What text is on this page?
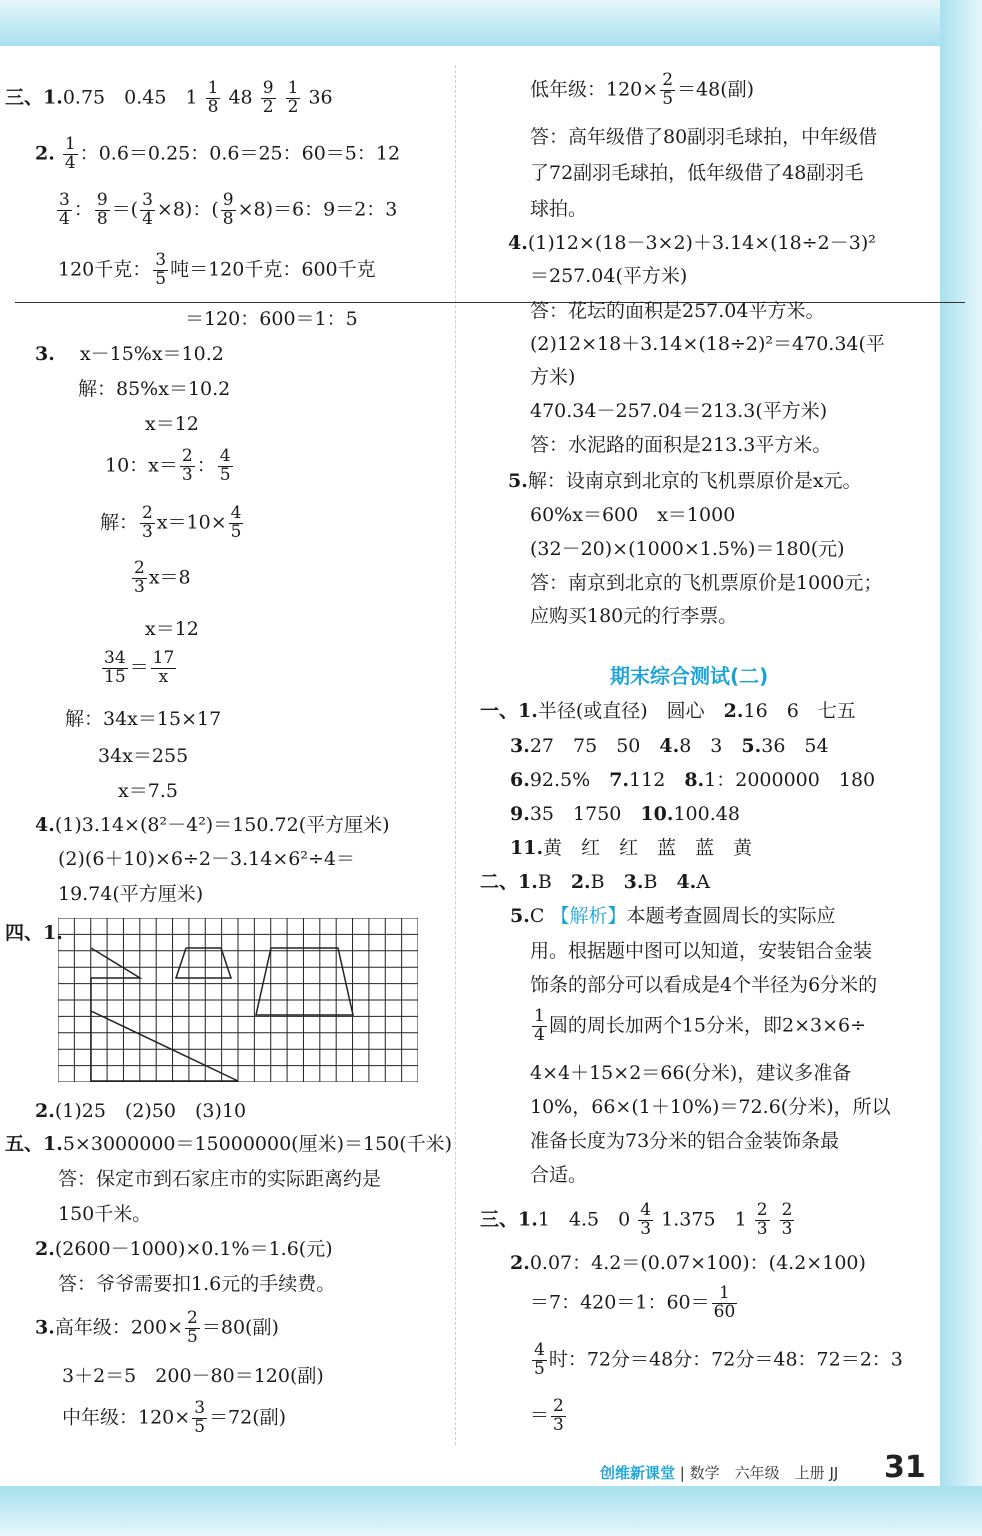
三、1.0.75　0.45　$1 \frac{1}{8} 48 \frac{9}{2}$
$\frac{1}{2} 36$
2. $\frac{1}{4}$ ：0.6＝0.25：0.6＝25：60＝5：12
$\frac{3}{4}$ ： $\frac{9}{8}$ ＝( $\frac{3}{4} \times 8$)：( $\frac{9}{8} \times 8)=6$：9＝2：3
120千克： $\frac{3}{5}$ 吨＝120千克：600千克
＝120：600＝1：5
3.　 x－15%x＝10.2
解：85%x＝10.2
x＝12
10：$x= \frac{2}{3}$ ： $\frac{4}{5}$
解： $\frac{2}{3} x=10\times \frac{4}{5}$
$\frac{2}{3} x=8$
x＝12
$\frac{34}{15} = \frac{17}{x}$
解：34x＝15×17
34x＝255
x＝7.5
4.(1)3.14×(8²－4²)＝150.72(平方厘米)
(2)(6＋10)×6÷2－3.14×6²÷4＝
19.74(平方厘米)
四、1.
2.(1)25　(2)50　(3)10
五、1.5×3000000＝15000000(厘米)＝150(千米)
答：保定市到石家庄市的实际距离约是
150千米。
2.(2600－1000)×0.1%＝1.6(元)
答：爷爷需要扣1.6元的手续费。
3.高年级：$200\times \frac{2}{5} =80$(副)
3＋2＝5　200－80＝120(副)
中年级：$120\times \frac{3}{5} =72$(副)
低年级：$120\times \frac{2}{5} =48$(副)
答：高年级借了80副羽毛球拍，中年级借
了72副羽毛球拍，低年级借了48副羽毛
球拍。
4.(1)12×(18－3×2)＋3.14×(18÷2－3)²
＝257.04(平方米)
答：花坛的面积是257.04平方米。
(2)12×18＋3.14×(18÷2)²＝470.34(平
方米)
470.34－257.04＝213.3(平方米)
答：水泥路的面积是213.3平方米。
5.解：设南京到北京的飞机票原价是x元。
60%x＝600　x＝1000
(32－20)×(1000×1.5%)＝180(元)
答：南京到北京的飞机票原价是1000元；
应购买180元的行李票。
一、1.半径(或直径)　圆心　2.16　6　七五
3.27　75　50　4.8　3　5.36　54
6.92.5%　7.112　8.1：2000000　180
9.35　1750　10.100.48
11.黄　红　红　蓝　蓝　黄
二、1.B　2.B　3.B　4.A
5.C 【解析】本题考查圆周长的实际应
用。根据题中图可以知道，安装铝合金装
饰条的部分可以看成是4个半径为6分米的
$\frac{1}{4}$ 圆的周长加两个15分米，即2×3×6÷
4×4＋15×2＝66(分米)，建议多准备
10%，66×(1＋10%)＝72.6(分米)，所以
准备长度为73分米的铝合金装饰条最
合适。
三、1.1　4.5　$0 \frac{4}{3} 1.375$　$1 \frac{2}{3}$
$\frac{2}{3}$
2.0.07：4.2＝(0.07×100)：(4.2×100)
＝7：420＝1：$60= \frac{1}{60}$
$\frac{4}{5}$ 时：72分＝48分：72分＝48：72＝2：3
＝ $\frac{2}{3}$
期末综合测试(二)
创维新课堂 | 数学　 六年级　 上册 JJ 31
